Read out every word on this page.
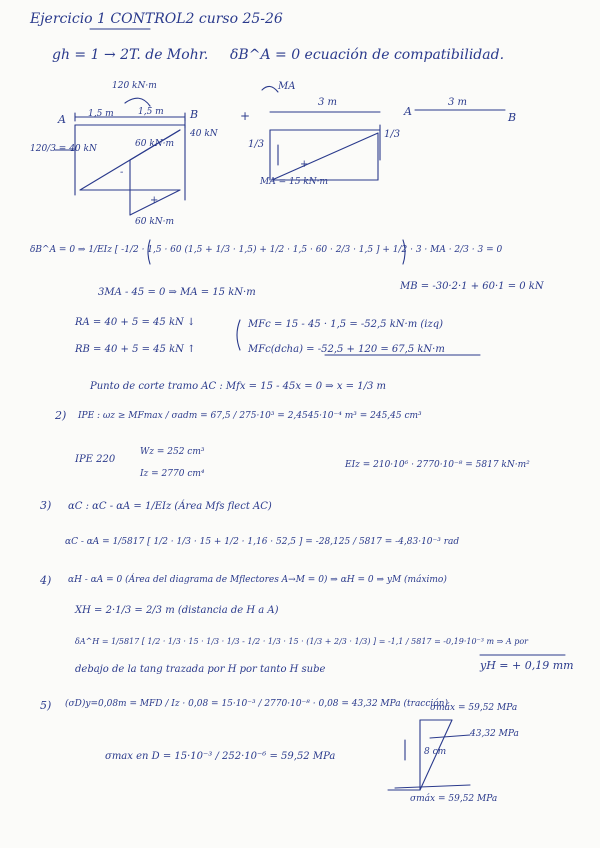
Ejercicio 1 CONTROL2 curso 25-26
gh = 1 → 2T. de Mohr. δB^A = 0 ecuación de compatibilidad.
120 kN·m
1,5 m	1,5 m
A	B
120/3 = 40 kN
40 kN
60 kN·m
60 kN·m
-
+
+
MA
3 m
1/3
1/3
MA = 15 kN·m
+
3 m
A	B
δB^A = 0 ⇒ 1/EIz [ -1/2 · 1,5 · 60 (1,5 + 1/3 · 1,5) + 1/2 · 1,5 · 60 · 2/3 · 1,5 ] + 1/2 · 3 · MA · 2/3 · 3 = 0
3MA - 45 = 0 ⇒ MA = 15 kN·m
MB = -30·2·1 + 60·1 = 0 kN
RA = 40 + 5 = 45 kN ↓
RB = 40 + 5 = 45 kN ↑
MFc = 15 - 45 · 1,5 = -52,5 kN·m (izq)
MFc(dcha) = -52,5 + 120 = 67,5 kN·m
Punto de corte tramo AC : Mfx = 15 - 45x = 0 ⇒ x = 1/3 m
2) IPE : ωz ≥ MFmax / σadm = 67,5 / 275·10³ = 2,4545·10⁻⁴ m³ = 245,45 cm³
IPE 220
Wz = 252 cm³
Iz = 2770 cm⁴
EIz = 210·10⁶ · 2770·10⁻⁸ = 5817 kN·m²
3) αC : αC - αA = 1/EIz (Área Mfs flect AC)
αC - αA = 1/5817 [ 1/2 · 1/3 · 15 + 1/2 · 1,16 · 52,5 ] = -28,125 / 5817 = -4,83·10⁻³ rad
4) αH - αA = 0 (Área del diagrama de Mflectores A→M = 0) ⇒ αH = 0 ⇒ yM (máximo)
XH = 2·1/3 = 2/3 m (distancia de H a A)
δA^H = 1/5817 [ 1/2 · 1/3 · 15 · 1/3 · 1/3 - 1/2 · 1/3 · 15 · (1/3 + 2/3 · 1/3) ] = -1,1 / 5817 = -0,19·10⁻³ m ⇒ A por
debajo de la tang trazada por H por tanto H sube	yH = + 0,19 mm
5) (σD)y=0,08m = MFD / Iz · 0,08 = 15·10⁻³ / 2770·10⁻⁸ · 0,08 = 43,32 MPa (tracción)
σmax en D = 15·10⁻³ / 252·10⁻⁶ = 59,52 MPa
σmáx = 59,52 MPa
43,32 MPa
8 cm
σmáx = 59,52 MPa
